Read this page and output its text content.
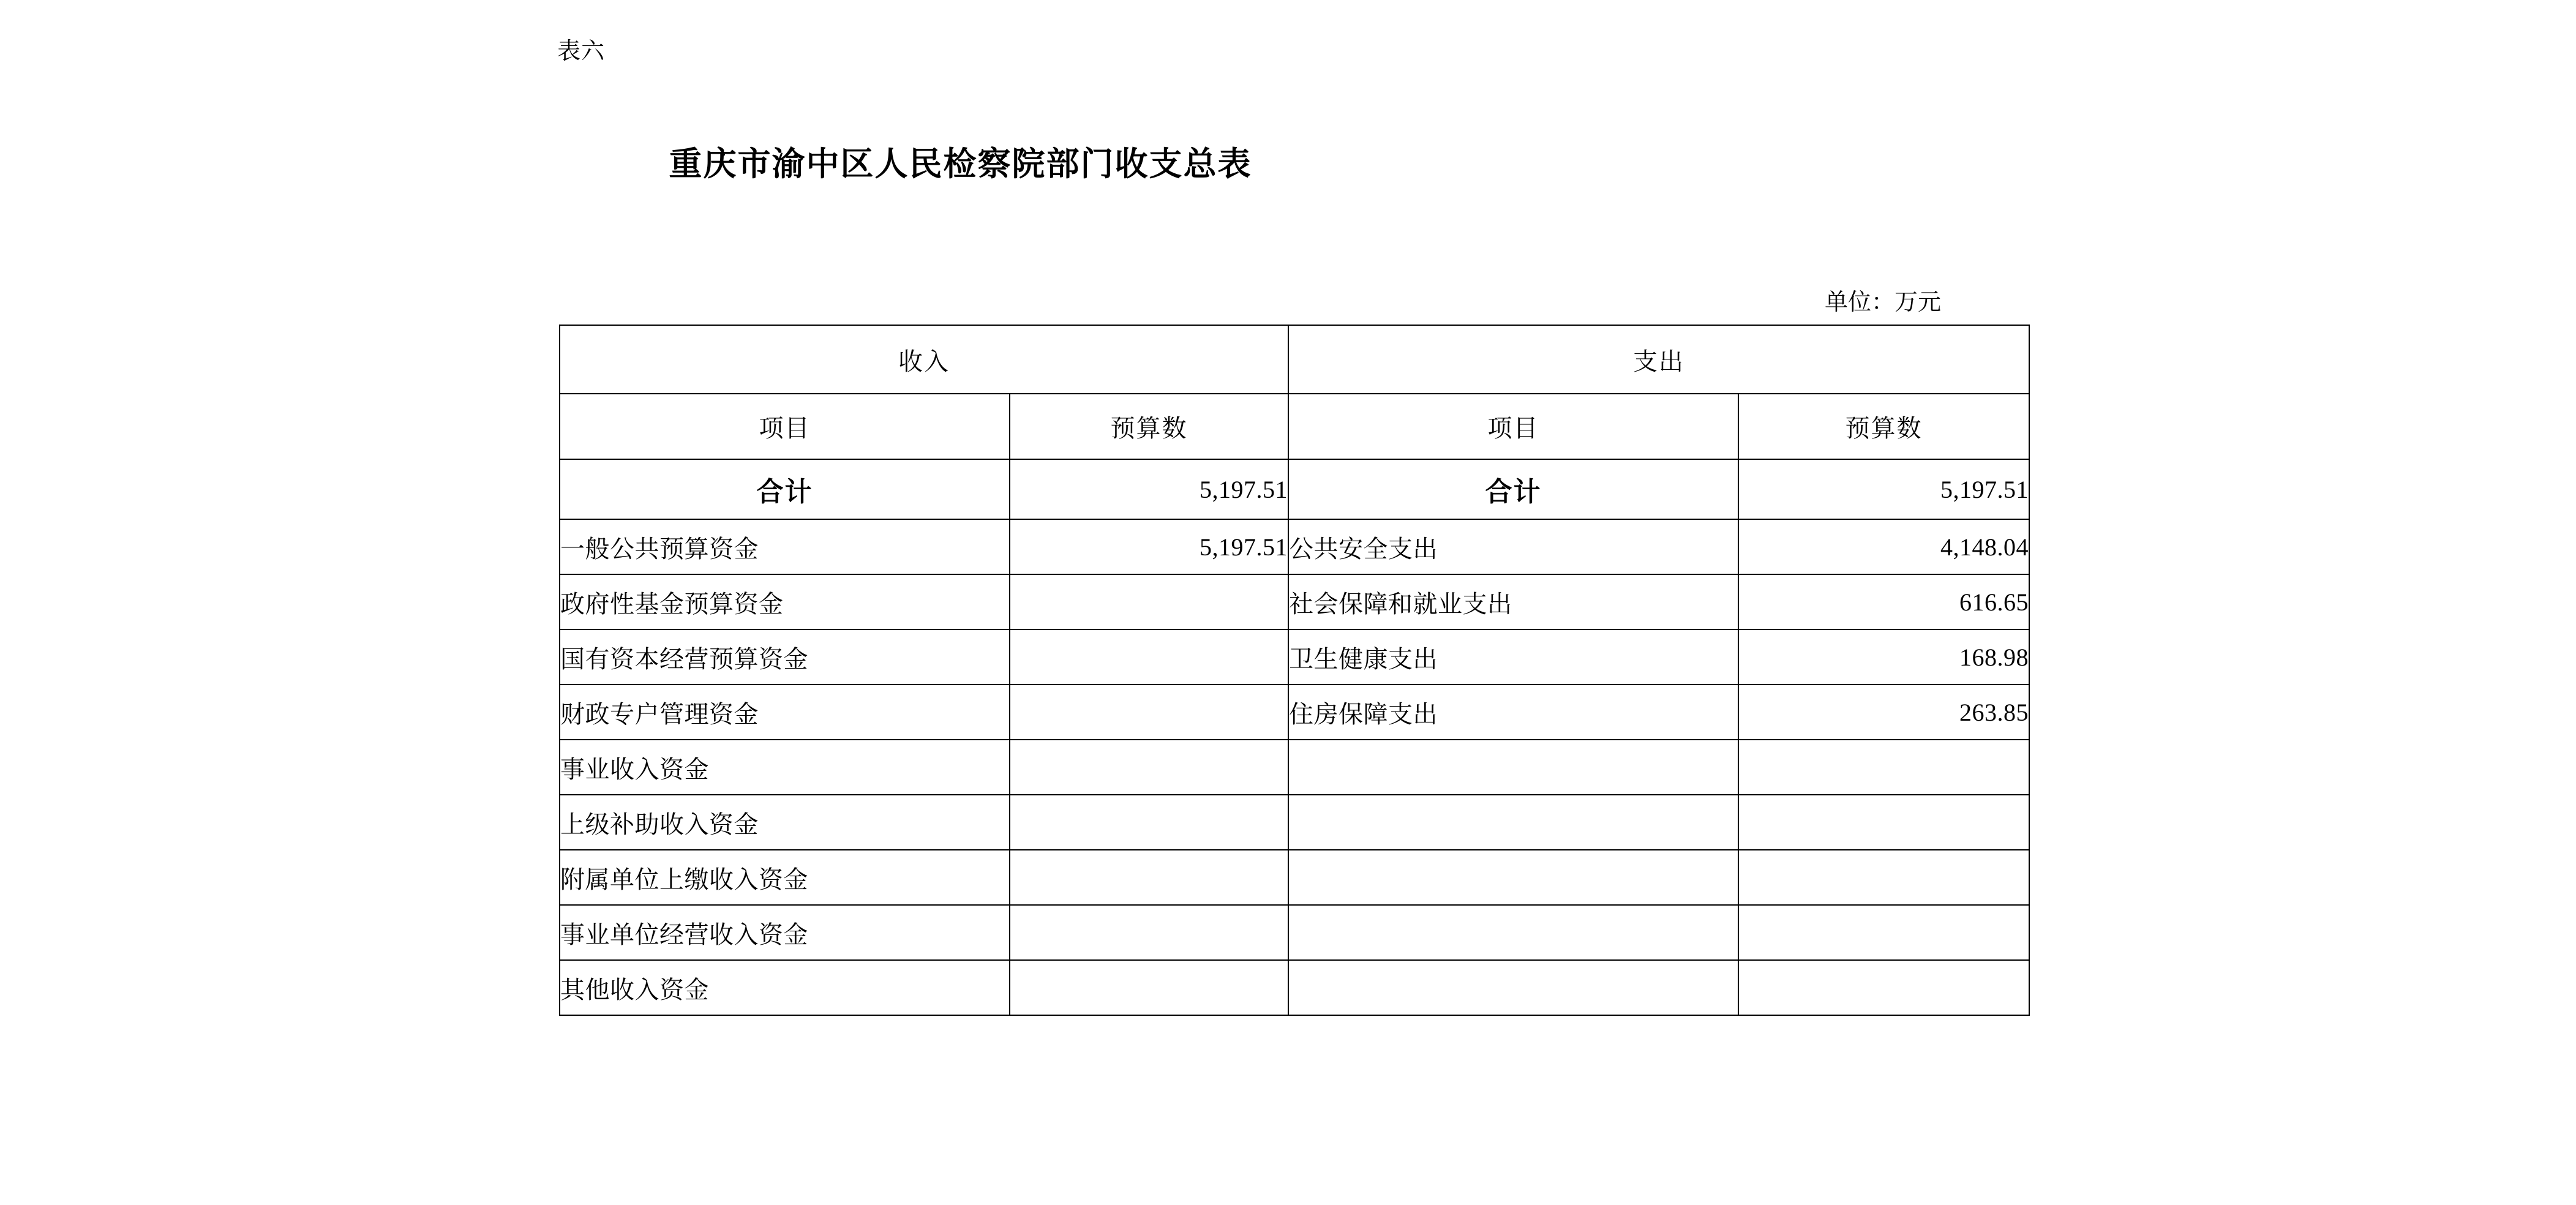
表六
重庆市渝中区人民检察院部门收支总表
单位：万元
收入		支出	
项目	预算数	项目	预算数
合计	5,197.51	合计	5,197.51
一般公共预算资金	5,197.51	公共安全支出	4,148.04
政府性基金预算资金		社会保障和就业支出	616.65
国有资本经营预算资金		卫生健康支出	168.98
财政专户管理资金		住房保障支出	263.85
事业收入资金			
上级补助收入资金			
附属单位上缴收入资金			
事业单位经营收入资金			
其他收入资金			
